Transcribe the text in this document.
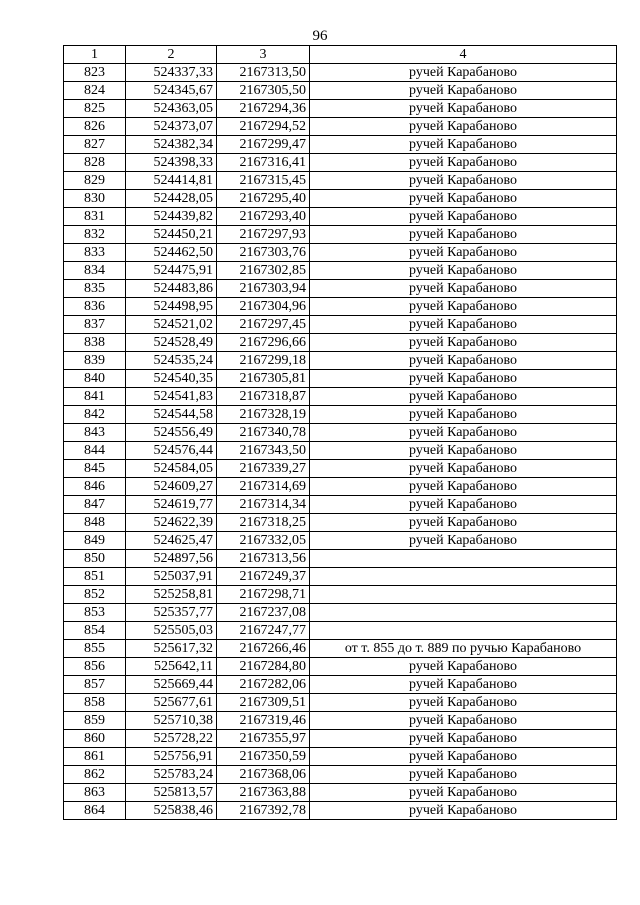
96
1	2	3	4
823	524337,33	2167313,50	ручей Карабаново
824	524345,67	2167305,50	ручей Карабаново
825	524363,05	2167294,36	ручей Карабаново
826	524373,07	2167294,52	ручей Карабаново
827	524382,34	2167299,47	ручей Карабаново
828	524398,33	2167316,41	ручей Карабаново
829	524414,81	2167315,45	ручей Карабаново
830	524428,05	2167295,40	ручей Карабаново
831	524439,82	2167293,40	ручей Карабаново
832	524450,21	2167297,93	ручей Карабаново
833	524462,50	2167303,76	ручей Карабаново
834	524475,91	2167302,85	ручей Карабаново
835	524483,86	2167303,94	ручей Карабаново
836	524498,95	2167304,96	ручей Карабаново
837	524521,02	2167297,45	ручей Карабаново
838	524528,49	2167296,66	ручей Карабаново
839	524535,24	2167299,18	ручей Карабаново
840	524540,35	2167305,81	ручей Карабаново
841	524541,83	2167318,87	ручей Карабаново
842	524544,58	2167328,19	ручей Карабаново
843	524556,49	2167340,78	ручей Карабаново
844	524576,44	2167343,50	ручей Карабаново
845	524584,05	2167339,27	ручей Карабаново
846	524609,27	2167314,69	ручей Карабаново
847	524619,77	2167314,34	ручей Карабаново
848	524622,39	2167318,25	ручей Карабаново
849	524625,47	2167332,05	ручей Карабаново
850	524897,56	2167313,56	
851	525037,91	2167249,37	
852	525258,81	2167298,71	
853	525357,77	2167237,08	
854	525505,03	2167247,77	
855	525617,32	2167266,46	от т. 855 до т. 889 по ручью Карабаново
856	525642,11	2167284,80	ручей Карабаново
857	525669,44	2167282,06	ручей Карабаново
858	525677,61	2167309,51	ручей Карабаново
859	525710,38	2167319,46	ручей Карабаново
860	525728,22	2167355,97	ручей Карабаново
861	525756,91	2167350,59	ручей Карабаново
862	525783,24	2167368,06	ручей Карабаново
863	525813,57	2167363,88	ручей Карабаново
864	525838,46	2167392,78	ручей Карабаново
